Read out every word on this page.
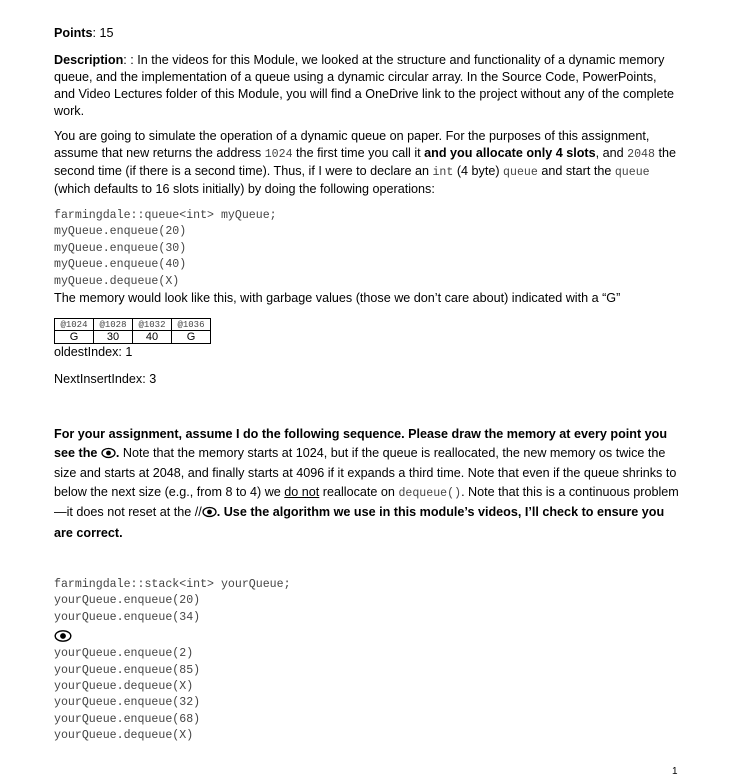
Points: 15
Description: : In the videos for this Module, we looked at the structure and functionality of a dynamic memory queue, and the implementation of a queue using a dynamic circular array. In the Source Code, PowerPoints, and Video Lectures folder of this Module, you will find a OneDrive link to the project without any of the complete work.
You are going to simulate the operation of a dynamic queue on paper. For the purposes of this assignment, assume that new returns the address 1024 the first time you call it and you allocate only 4 slots, and 2048 the second time (if there is a second time). Thus, if I were to declare an int (4 byte) queue and start the queue (which defaults to 16 slots initially) by doing the following operations:
farmingdale::queue<int> myQueue;
myQueue.enqueue(20)
myQueue.enqueue(30)
myQueue.enqueue(40)
myQueue.dequeue(X)
The memory would look like this, with garbage values (those we don’t care about) indicated with a “G”
@1024	@1028	@1032	@1036
G	30	40	G
oldestIndex: 1
NextInsertIndex: 3
For your assignment, assume I do the following sequence. Please draw the memory at every point you see the . Note that the memory starts at 1024, but if the queue is reallocated, the new memory os twice the size and starts at 2048, and finally starts at 4096 if it expands a third time. Note that even if the queue shrinks to below the next size (e.g., from 8 to 4) we do not reallocate on dequeue(). Note that this is a continuous problem—it does not reset at the // . Use the algorithm we use in this module’s videos, I’ll check to ensure you are correct.
farmingdale::stack<int> yourQueue;
yourQueue.enqueue(20)
yourQueue.enqueue(34)
yourQueue.enqueue(2)
yourQueue.enqueue(85)
yourQueue.dequeue(X)
yourQueue.enqueue(32)
yourQueue.enqueue(68)
yourQueue.dequeue(X)
1
